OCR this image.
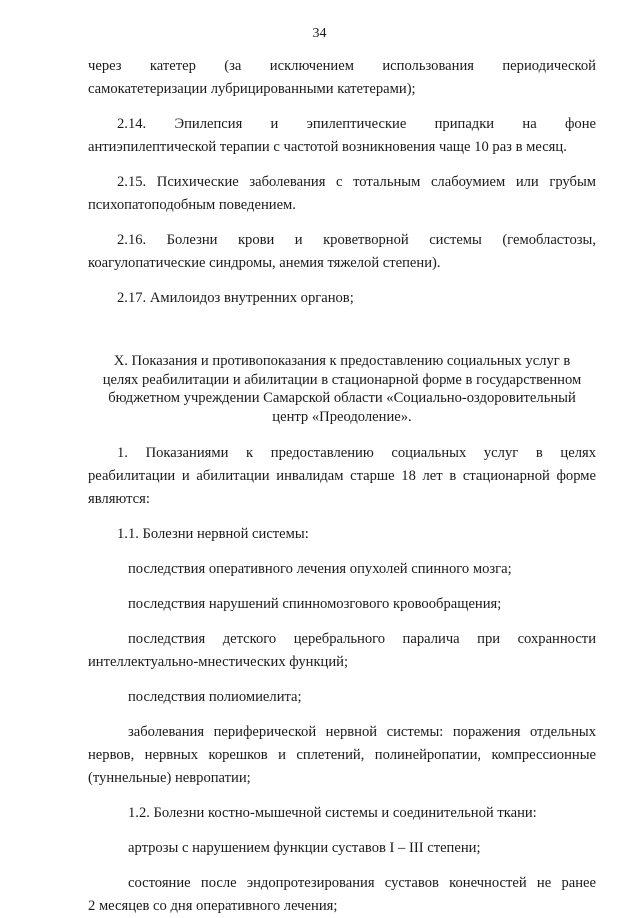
34
через катетер (за исключением использования периодической
самокатетеризации лубрицированными катетерами);
2.14. Эпилепсия и эпилептические припадки на фоне
антиэпилептической терапии с частотой возникновения чаще 10 раз в месяц.
2.15. Психические заболевания с тотальным слабоумием или грубым
психопатоподобным поведением.
2.16. Болезни крови и кроветворной системы (гемобластозы,
коагулопатические синдромы, анемия тяжелой степени).
2.17. Амилоидоз внутренних органов;
X. Показания и противопоказания к предоставлению социальных услуг в
целях реабилитации и абилитации в стационарной форме в государственном
бюджетном учреждении Самарской области «Социально-оздоровительный
центр «Преодоление».
1. Показаниями к предоставлению социальных услуг в целях
реабилитации и абилитации инвалидам старше 18 лет в стационарной форме
являются:
1.1. Болезни нервной системы:
последствия оперативного лечения опухолей спинного мозга;
последствия нарушений спинномозгового кровообращения;
последствия детского церебрального паралича при сохранности
интеллектуально-мнестических функций;
последствия полиомиелита;
заболевания периферической нервной системы: поражения отдельных
нервов, нервных корешков и сплетений, полинейропатии, компрессионные
(туннельные) невропатии;
1.2. Болезни костно-мышечной системы и соединительной ткани:
артрозы с нарушением функции суставов I – III степени;
состояние после эндопротезирования суставов конечностей не ранее
2 месяцев со дня оперативного лечения;
